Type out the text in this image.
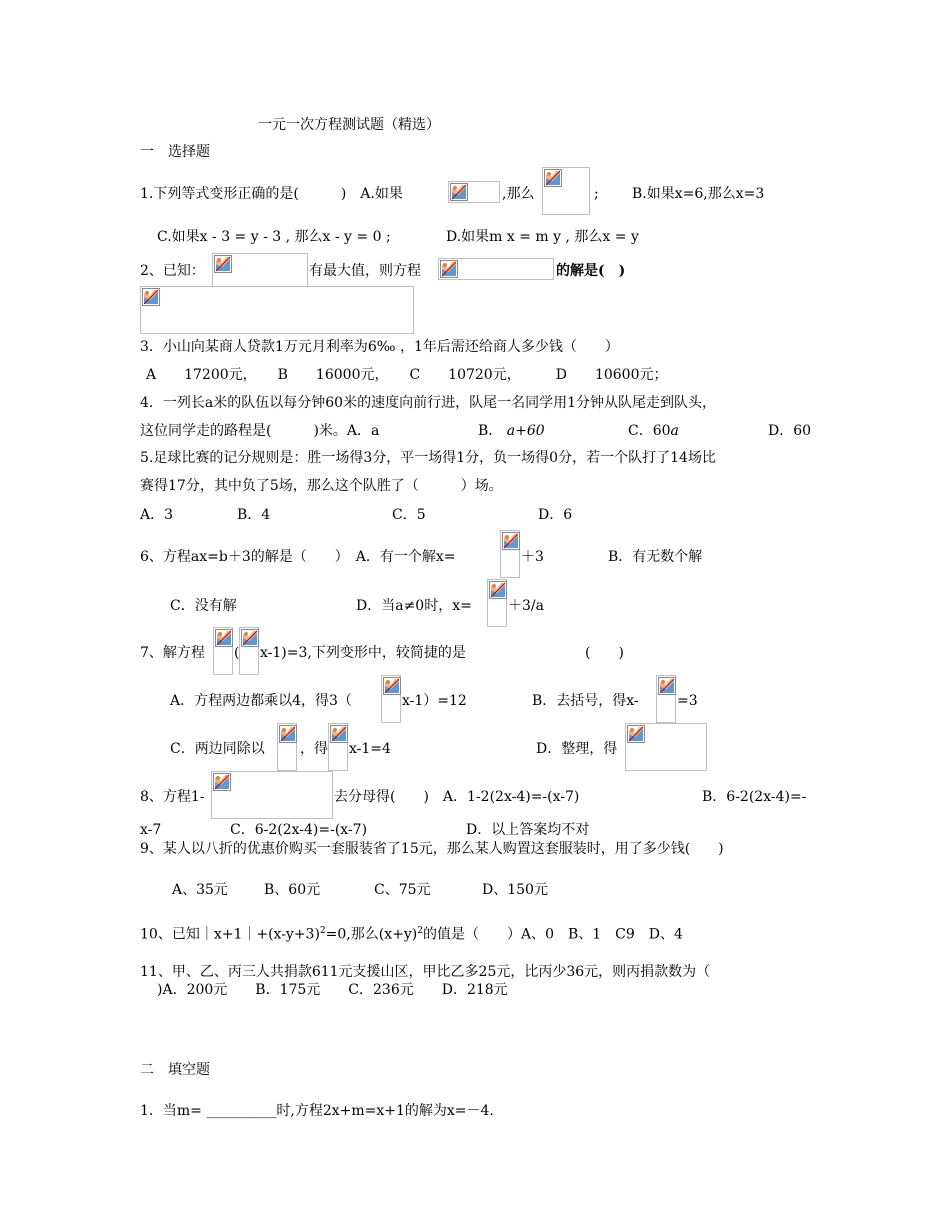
一元一次方程测试题（精选）
一　选择题
1.下列等式变形正确的是(　　　)　A.如果	,那么	; B.如果x=6,那么x=3
C.如果x - 3 = y - 3 , 那么x - y = 0 ;	D.如果m x = m y , 那么x = y
2、已知：	有最大值，则方程	的解是(　)
3．小山向某商人贷款1万元月利率为6‰ ，1年后需还给商人多少钱（　　）
A　　17200元，　　B　　16000元，　　C　　10720元，　　　D　　10600元；
4．一列长a米的队伍以每分钟60米的速度向前行进，队尾一名同学用1分钟从队尾走到队头，
这位同学走的路程是(　　　)米。A．a	B． a+60	C．60a	D．60
5.足球比赛的记分规则是：胜一场得3分，平一场得1分，负一场得0分，若一个队打了14场比
赛得17分，其中负了5场，那么这个队胜了（　　　）场。
A．3	B．4	C．5	D．6
6、方程ax=b＋3的解是（　　）　A．有一个解x=	＋3	B．有无数个解
C．没有解	D．当a≠0时，x=	＋3/a
7、解方程 ( x-1)=3,下列变形中，较简捷的是	(　　)
A．方程两边都乘以4，得3（	x-1）=12	B．去括号，得x-	=3
C．两边同除以	，得 x-1=4	D．整理，得
8、方程1-	去分母得(　　)　A．1-2(2x-4)=-(x-7)	B．6-2(2x-4)=-
x-7	C．6-2(2x-4)=-(x-7)	D．以上答案均不对
9、某人以八折的优惠价购买一套服装省了15元，那么某人购置这套服装时，用了多少钱(　　)
A、35元	B、60元	C、75元	D、150元
10、已知$|x+1|+(x-y+3)^2=0$,那么$(x+y)^2$的值是（　　）A、0　B、1　C9　D、4
11、甲、乙、丙三人共捐款611元支援山区，甲比乙多25元，比丙少36元，则丙捐款数为（
)A．200元　　B．175元　　C．236元　　D．218元
二　填空题
1．当m= __________时,方程2x+m=x+1的解为x=－4.
